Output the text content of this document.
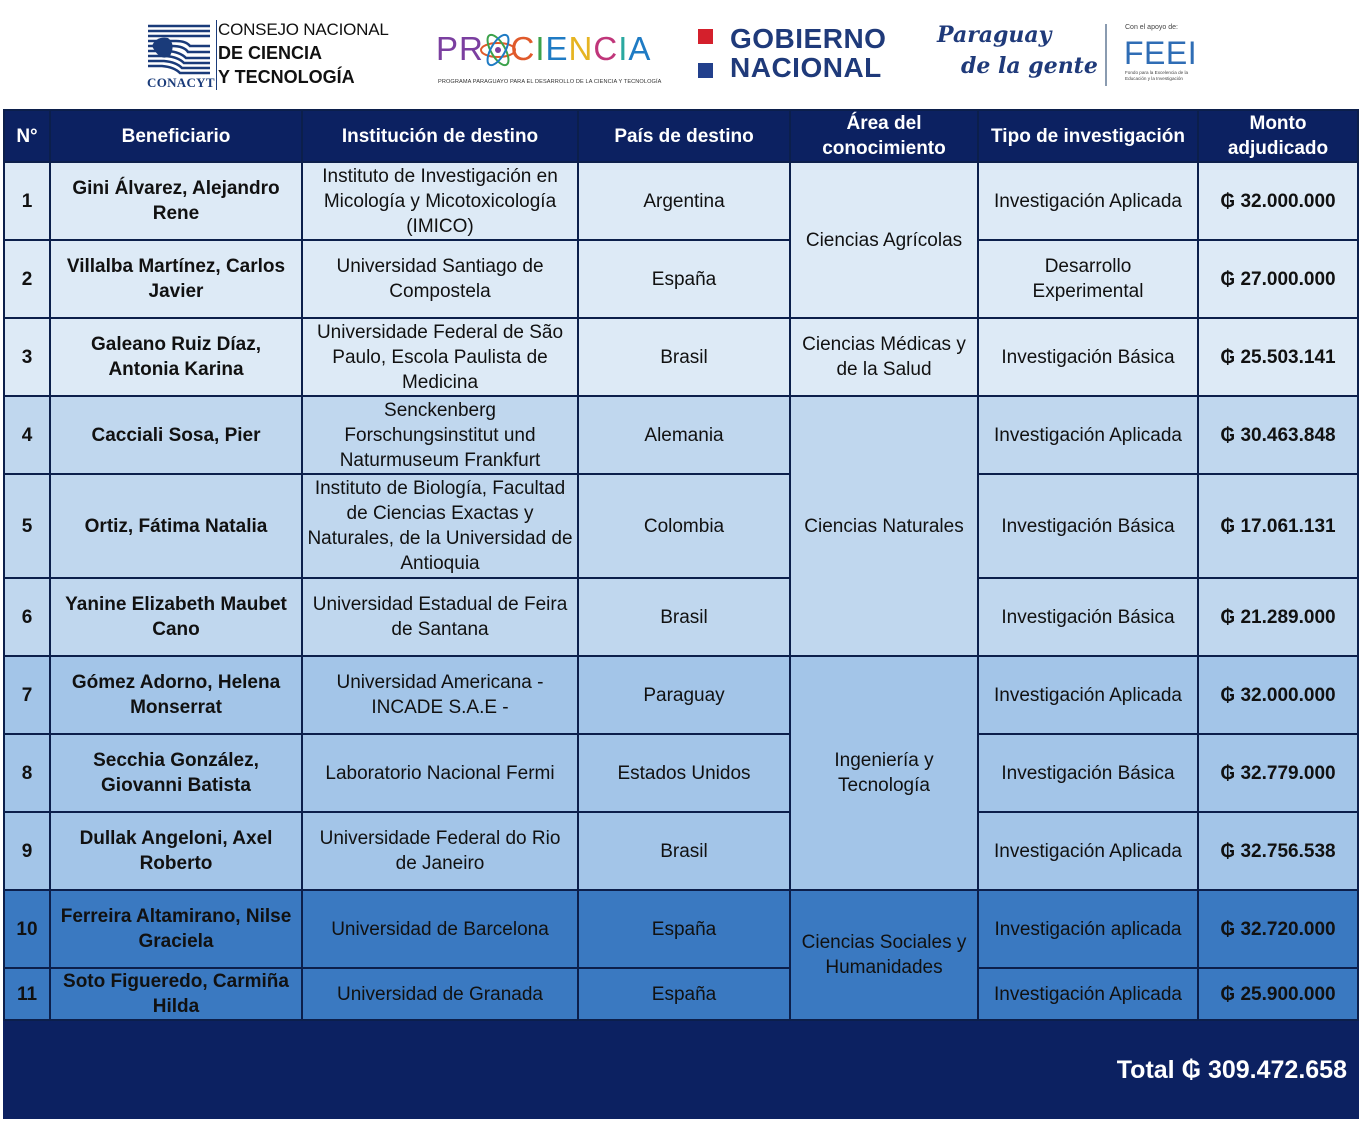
CONACYT
CONSEJO NACIONAL
DE CIENCIA
Y TECNOLOGÍA
PR CIENCIA
PROGRAMA PARAGUAYO PARA EL DESARROLLO DE LA CIENCIA Y TECNOLOGÍA
GOBIERNO
NACIONAL
Paraguay
de la gente
Con el apoyo de:
FEEI
Fondo para la Excelencia de la Educación y la Investigación
N°	Beneficiario	Institución de destino	País de destino	Área del conocimiento	Tipo de investigación	Monto adjudicado
1	Gini Álvarez, Alejandro Rene	Instituto de Investigación en Micología y Micotoxicología (IMICO)	Argentina	Ciencias Agrícolas	Investigación Aplicada	₲ 32.000.000
2	Villalba Martínez, Carlos Javier	Universidad Santiago de Compostela	España		Desarrollo Experimental	₲ 27.000.000
3	Galeano Ruiz Díaz, Antonia Karina	Universidade Federal de São Paulo, Escola Paulista de Medicina	Brasil	Ciencias Médicas y de la Salud	Investigación Básica	₲ 25.503.141
4	Cacciali Sosa, Pier	Senckenberg Forschungsinstitut und Naturmuseum Frankfurt	Alemania	Ciencias Naturales	Investigación Aplicada	₲ 30.463.848
5	Ortiz, Fátima Natalia	Instituto de Biología, Facultad de Ciencias Exactas y Naturales, de la Universidad de Antioquia	Colombia		Investigación Básica	₲ 17.061.131
6	Yanine Elizabeth Maubet Cano	Universidad Estadual de Feira de Santana	Brasil		Investigación Básica	₲ 21.289.000
7	Gómez Adorno, Helena Monserrat	Universidad Americana - INCADE S.A.E -	Paraguay	Ingeniería y Tecnología	Investigación Aplicada	₲ 32.000.000
8	Secchia González, Giovanni Batista	Laboratorio Nacional Fermi	Estados Unidos		Investigación Básica	₲ 32.779.000
9	Dullak Angeloni, Axel Roberto	Universidade Federal do Rio de Janeiro	Brasil		Investigación Aplicada	₲ 32.756.538
10	Ferreira Altamirano, Nilse Graciela	Universidad de Barcelona	España	Ciencias Sociales y Humanidades	Investigación aplicada	₲ 32.720.000
11	Soto Figueredo, Carmiña Hilda	Universidad de Granada	España		Investigación Aplicada	₲ 25.900.000
Total ₲ 309.472.658						
